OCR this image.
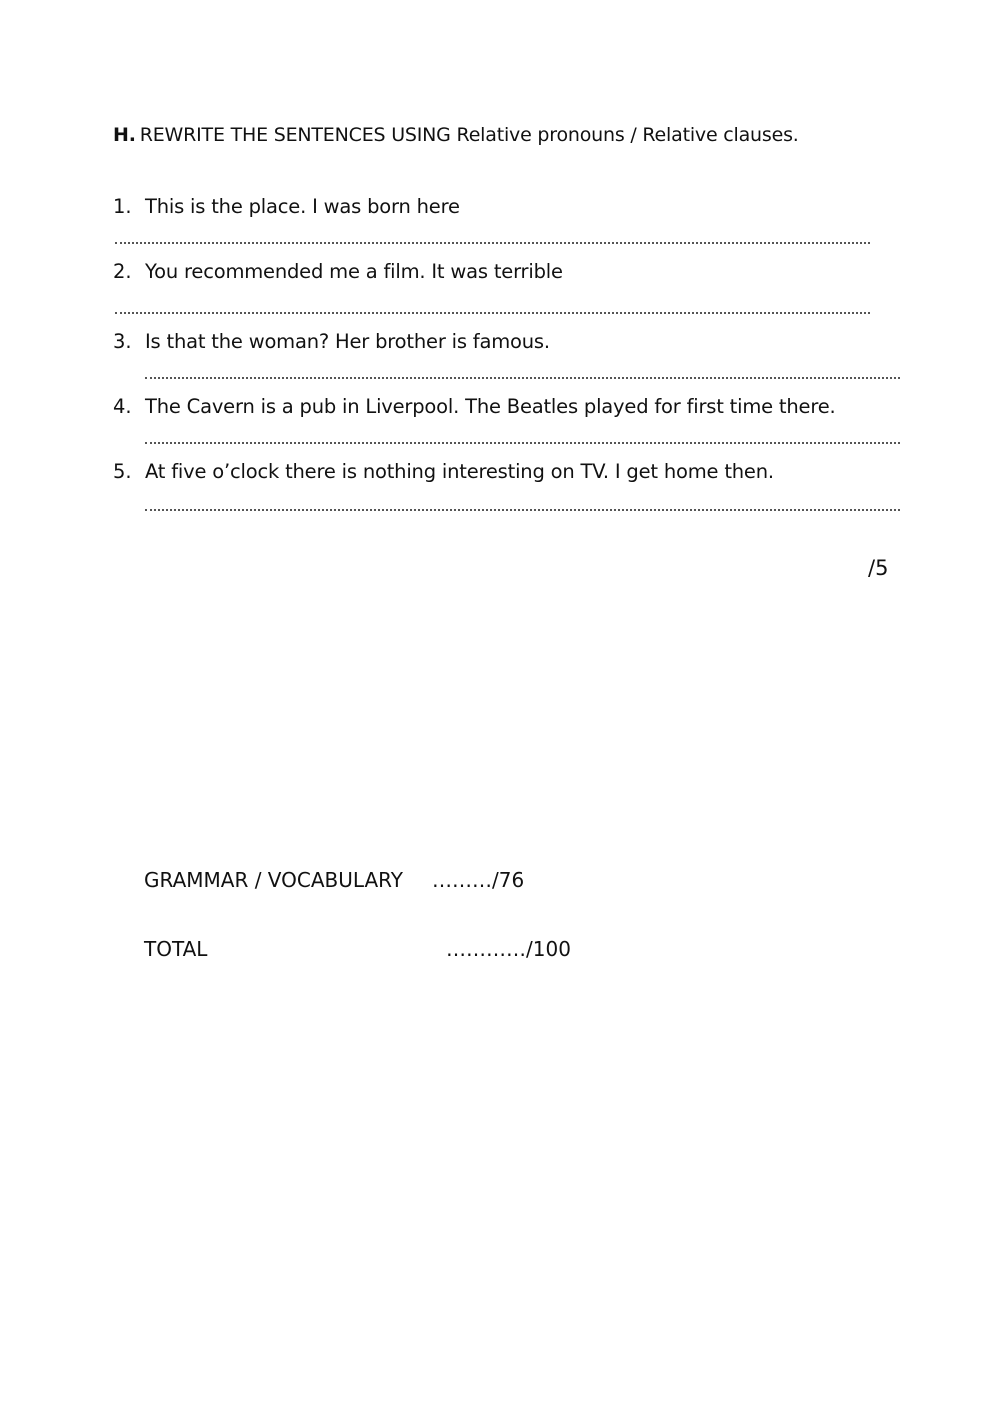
H. REWRITE THE SENTENCES USING Relative pronouns / Relative clauses.
1. This is the place. I was born here
2. You recommended me a film. It was terrible
3. Is that the woman? Her brother is famous.
4. The Cavern is a pub in Liverpool. The Beatles played for first time there.
5. At five o’clock there is nothing interesting on TV. I get home then.
/5
GRAMMAR / VOCABULARY ………/76
TOTAL	…………/100
